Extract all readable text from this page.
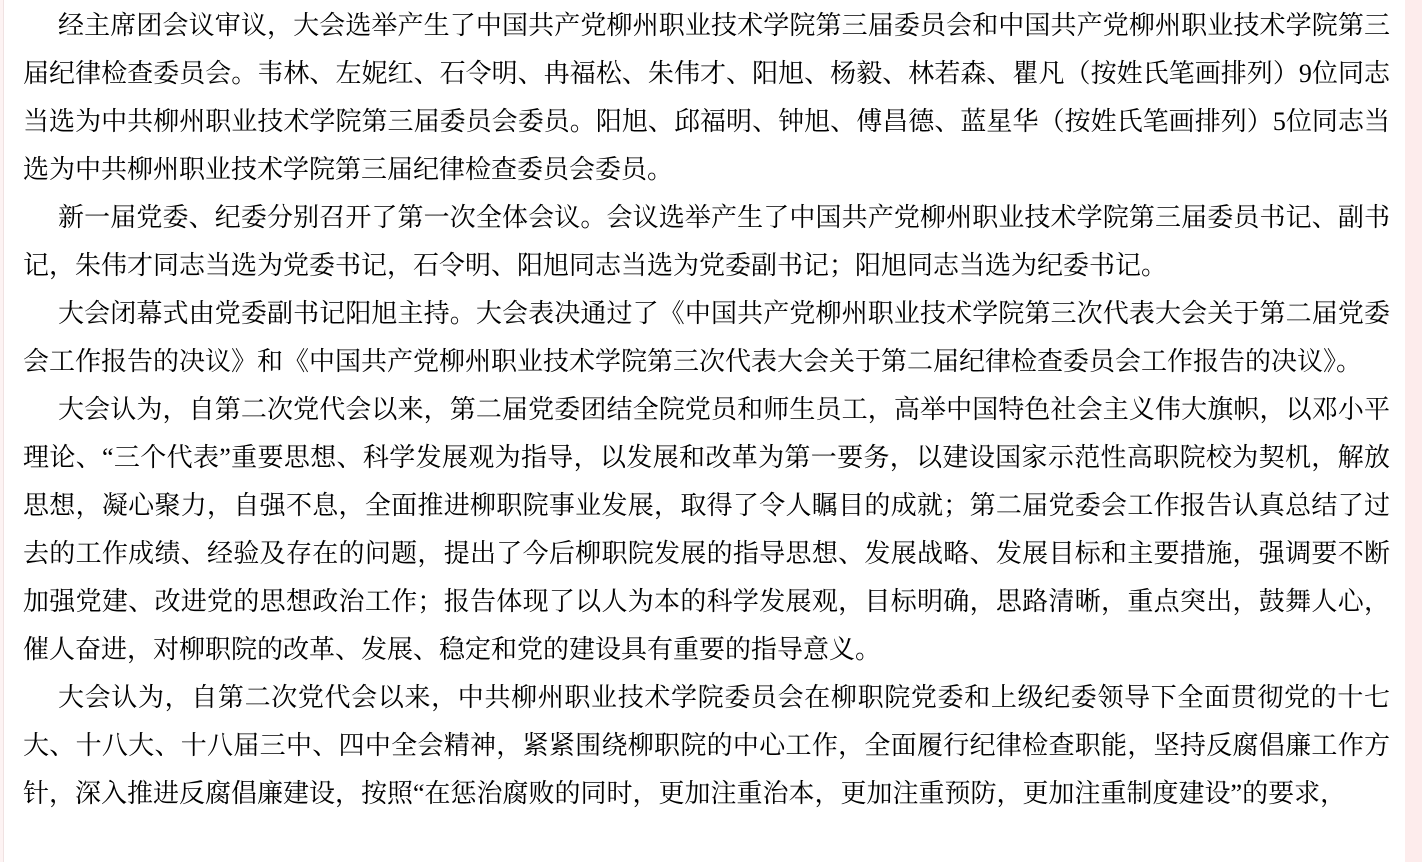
经主席团会议审议，大会选举产生了中国共产党柳州职业技术学院第三届委员会和中国共产党柳州职业技术学院第三届纪律检查委员会。韦林、左妮红、石令明、冉福松、朱伟才、阳旭、杨毅、林若森、瞿凡（按姓氏笔画排列）9位同志当选为中共柳州职业技术学院第三届委员会委员。阳旭、邱福明、钟旭、傅昌德、蓝星华（按姓氏笔画排列）5位同志当选为中共柳州职业技术学院第三届纪律检查委员会委员。

新一届党委、纪委分别召开了第一次全体会议。会议选举产生了中国共产党柳州职业技术学院第三届委员书记、副书记，朱伟才同志当选为党委书记，石令明、阳旭同志当选为党委副书记；阳旭同志当选为纪委书记。

大会闭幕式由党委副书记阳旭主持。大会表决通过了《中国共产党柳州职业技术学院第三次代表大会关于第二届党委会工作报告的决议》和《中国共产党柳州职业技术学院第三次代表大会关于第二届纪律检查委员会工作报告的决议》。

大会认为，自第二次党代会以来，第二届党委团结全院党员和师生员工，高举中国特色社会主义伟大旗帜，以邓小平理论、“三个代表”重要思想、科学发展观为指导，以发展和改革为第一要务，以建设国家示范性高职院校为契机，解放思想，凝心聚力，自强不息，全面推进柳职院事业发展，取得了令人瞩目的成就；第二届党委会工作报告认真总结了过去的工作成绩、经验及存在的问题，提出了今后柳职院发展的指导思想、发展战略、发展目标和主要措施，强调要不断加强党建、改进党的思想政治工作；报告体现了以人为本的科学发展观，目标明确，思路清晰，重点突出，鼓舞人心，催人奋进，对柳职院的改革、发展、稳定和党的建设具有重要的指导意义。

大会认为，自第二次党代会以来，中共柳州职业技术学院委员会在柳职院党委和上级纪委领导下全面贯彻党的十七大、十八大、十八届三中、四中全会精神，紧紧围绕柳职院的中心工作，全面履行纪律检查职能，坚持反腐倡廉工作方针，深入推进反腐倡廉建设，按照“在惩治腐败的同时，更加注重治本，更加注重预防，更加注重制度建设”的要求，
